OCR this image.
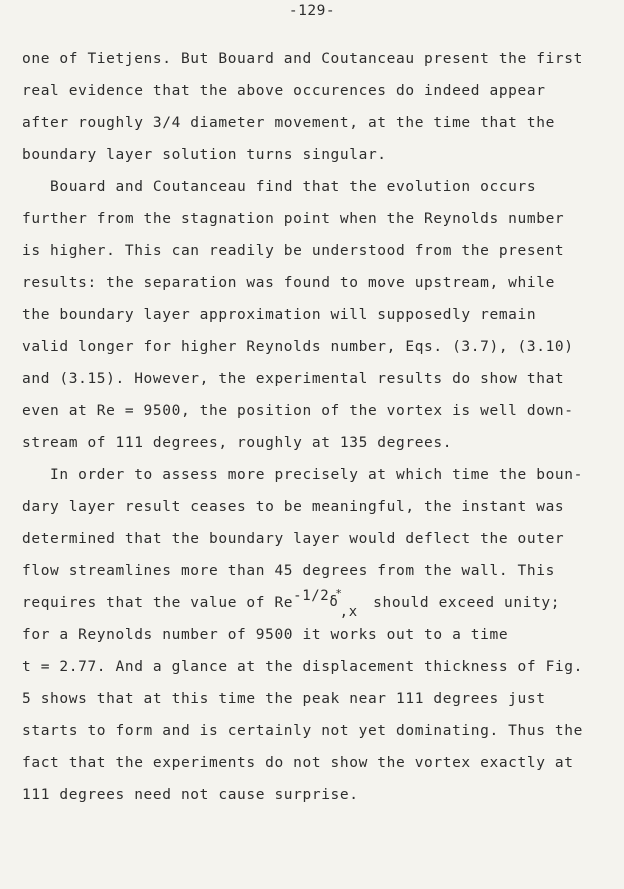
-129-
one of Tietjens. But Bouard and Coutanceau present the first
real evidence that the above occurences do indeed appear
after roughly 3/4 diameter movement, at the time that the
boundary layer solution turns singular.
Bouard and Coutanceau find that the evolution occurs
further from the stagnation point when the Reynolds number
is higher. This can readily be understood from the present
results: the separation was found to move upstream, while
the boundary layer approximation will supposedly remain
valid longer for higher Reynolds number, Eqs. (3.7), (3.10)
and (3.15). However, the experimental results do show that
even at Re = 9500, the position of the vortex is well down-
stream of 111 degrees, roughly at 135 degrees.
In order to assess more precisely at which time the boun-
dary layer result ceases to be meaningful, the instant was
determined that the boundary layer would deflect the outer
flow streamlines more than 45 degrees from the wall. This
requires that the value of Re-1/2δ*,x should exceed unity;
for a Reynolds number of 9500 it works out to a time
t = 2.77. And a glance at the displacement thickness of Fig.
5 shows that at this time the peak near 111 degrees just
starts to form and is certainly not yet dominating. Thus the
fact that the experiments do not show the vortex exactly at
111 degrees need not cause surprise.
